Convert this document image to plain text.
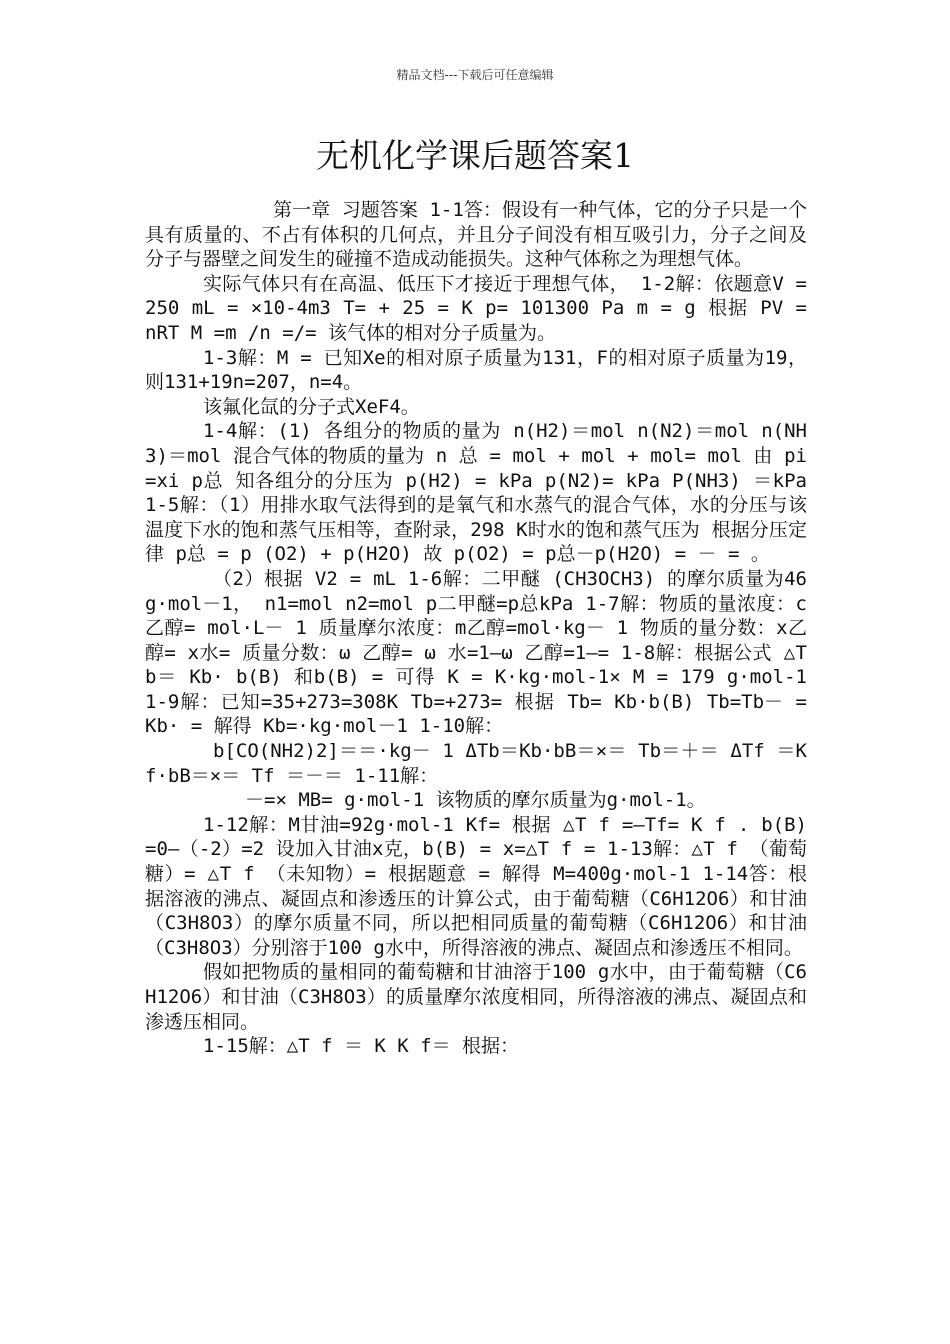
精品文档---下载后可任意编辑
无机化学课后题答案1

第一章 习题答案 1-1答：假设有一种气体，它的分子只是一个具有质量的、不占有体积的几何点，并且分子间没有相互吸引力，分子之间及分子与器壁之间发生的碰撞不造成动能损失。这种气体称之为理想气体。

实际气体只有在高温、低压下才接近于理想气体， 1-2解：依题意V = 250 mL = ×10-4m3 T= + 25 = K p= 101300 Pa m = g 根据 PV = nRT M =m /n =/= 该气体的相对分子质量为。

1-3解：M = 已知Xe的相对原子质量为131，F的相对原子质量为19，则131+19n=207，n=4。

该氟化氙的分子式XeF4。

1-4解：(1) 各组分的物质的量为 n(H2)＝mol n(N2)＝mol n(NH3)＝mol 混合气体的物质的量为 n 总 = mol + mol + mol= mol 由 pi=xi p总 知各组分的分压为 p(H2) = kPa p(N2)= kPa P(NH3) ＝kPa 1-5解：（1）用排水取气法得到的是氧气和水蒸气的混合气体，水的分压与该温度下水的饱和蒸气压相等，查附录，298 K时水的饱和蒸气压为 根据分压定律 p总 = p (O2) + p(H2O) 故 p(O2) = p总－p(H2O) = － = 。

（2）根据 V2 = mL 1-6解：二甲醚 (CH3OCH3) 的摩尔质量为46 g·mol－1， n1=mol n2=mol p二甲醚=p总kPa 1-7解：物质的量浓度：c乙醇= mol·L－ 1 质量摩尔浓度：m乙醇=mol·kg－ 1 物质的量分数：x乙醇= x水= 质量分数：ω 乙醇= ω 水=1—ω 乙醇=1—= 1-8解：根据公式 △Tb＝ Kb· b(B) 和b(B) = 可得 K = K·kg·mol-1× M = 179 g·mol-1 1-9解：已知=35+273=308K Tb=+273= 根据 Tb= Kb·b(B) Tb=Tb－ = Kb· = 解得 Kb=·kg·mol－1 1-10解：

b[CO(NH2)2]＝＝·kg－ 1 ΔTb＝Kb·bB＝×＝ Tb＝＋＝ ΔTf ＝Kf·bB＝×＝ Tf ＝－＝ 1-11解：

－=× MB= g·mol-1 该物质的摩尔质量为g·mol-1。

1-12解：M甘油=92g·mol-1 Kf= 根据 △T f =—Tf= K f . b(B) =0—（-2）=2 设加入甘油x克，b(B) = x=△T f = 1-13解：△T f （葡萄糖）= △T f （未知物）= 根据题意 = 解得 M=400g·mol-1 1-14答：根据溶液的沸点、凝固点和渗透压的计算公式，由于葡萄糖（C6H12O6）和甘油（C3H8O3）的摩尔质量不同，所以把相同质量的葡萄糖（C6H12O6）和甘油（C3H8O3）分别溶于100 g水中，所得溶液的沸点、凝固点和渗透压不相同。

假如把物质的量相同的葡萄糖和甘油溶于100 g水中，由于葡萄糖（C6H12O6）和甘油（C3H8O3）的质量摩尔浓度相同，所得溶液的沸点、凝固点和渗透压相同。

1-15解：△T f ＝ K K f＝ 根据：
